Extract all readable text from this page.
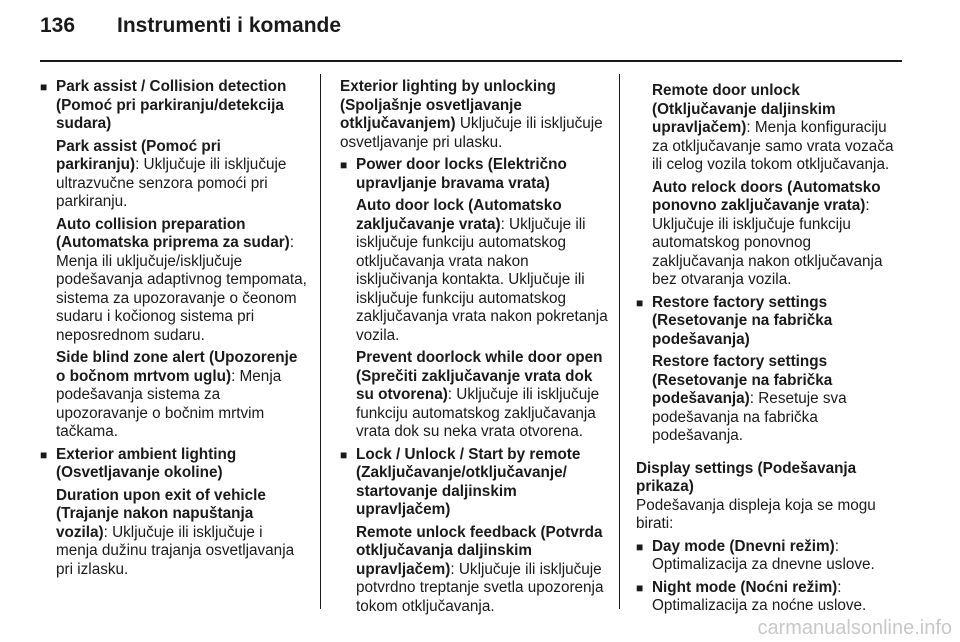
136 Instrumenti i komande
■ Park assist / Collision detection (Pomoć pri parkiranju/detekcija sudara)
Park assist (Pomoć pri parkiranju): Uključuje ili isključuje ultrazvučne senzora pomoći pri parkiranju.
Auto collision preparation (Automatska priprema za sudar): Menja ili uključuje/isključuje podešavanja adaptivnog tempomata, sistema za upozoravanje o čeonom sudaru i kočionog sistema pri neposrednom sudaru.
Side blind zone alert (Upozorenje o bočnom mrtvom uglu): Menja podešavanja sistema za upozoravanje o bočnim mrtvim tačkama.
■ Exterior ambient lighting (Osvetljavanje okoline)
Duration upon exit of vehicle (Trajanje nakon napuštanja vozila): Uključuje ili isključuje i menja dužinu trajanja osvetljavanja pri izlasku.
Exterior lighting by unlocking (Spoljašnje osvetljavanje otključavanjem) Uključuje ili isključuje osvetljavanje pri ulasku.
■ Power door locks (Električno upravljanje bravama vrata)
Auto door lock (Automatsko zaključavanje vrata): Uključuje ili isključuje funkciju automatskog otključavanja vrata nakon isključivanja kontakta. Uključuje ili isključuje funkciju automatskog zaključavanja vrata nakon pokretanja vozila.
Prevent doorlock while door open (Sprečiti zaključavanje vrata dok su otvorena): Uključuje ili isključuje funkciju automatskog zaključavanja vrata dok su neka vrata otvorena.
■ Lock / Unlock / Start by remote (Zaključavanje/otključavanje/ startovanje daljinskim upravljačem)
Remote unlock feedback (Potvrda otključavanja daljinskim upravljačem): Uključuje ili isključuje potvrdno treptanje svetla upozorenja tokom otključavanja.
Remote door unlock (Otključavanje daljinskim upravljačem): Menja konfiguraciju za otključavanje samo vrata vozača ili celog vozila tokom otključavanja.
Auto relock doors (Automatsko ponovno zaključavanje vrata): Uključuje ili isključuje funkciju automatskog ponovnog zaključavanja nakon otključavanja bez otvaranja vozila.
■ Restore factory settings (Resetovanje na fabrička podešavanja)
Restore factory settings (Resetovanje na fabrička podešavanja): Resetuje sva podešavanja na fabrička podešavanja.
Display settings (Podešavanja prikaza)
Podešavanja displeja koja se mogu birati:
■ Day mode (Dnevni režim): Optimalizacija za dnevne uslove.
■ Night mode (Noćni režim): Optimalizacija za noćne uslove.
carmanualsonline.info
